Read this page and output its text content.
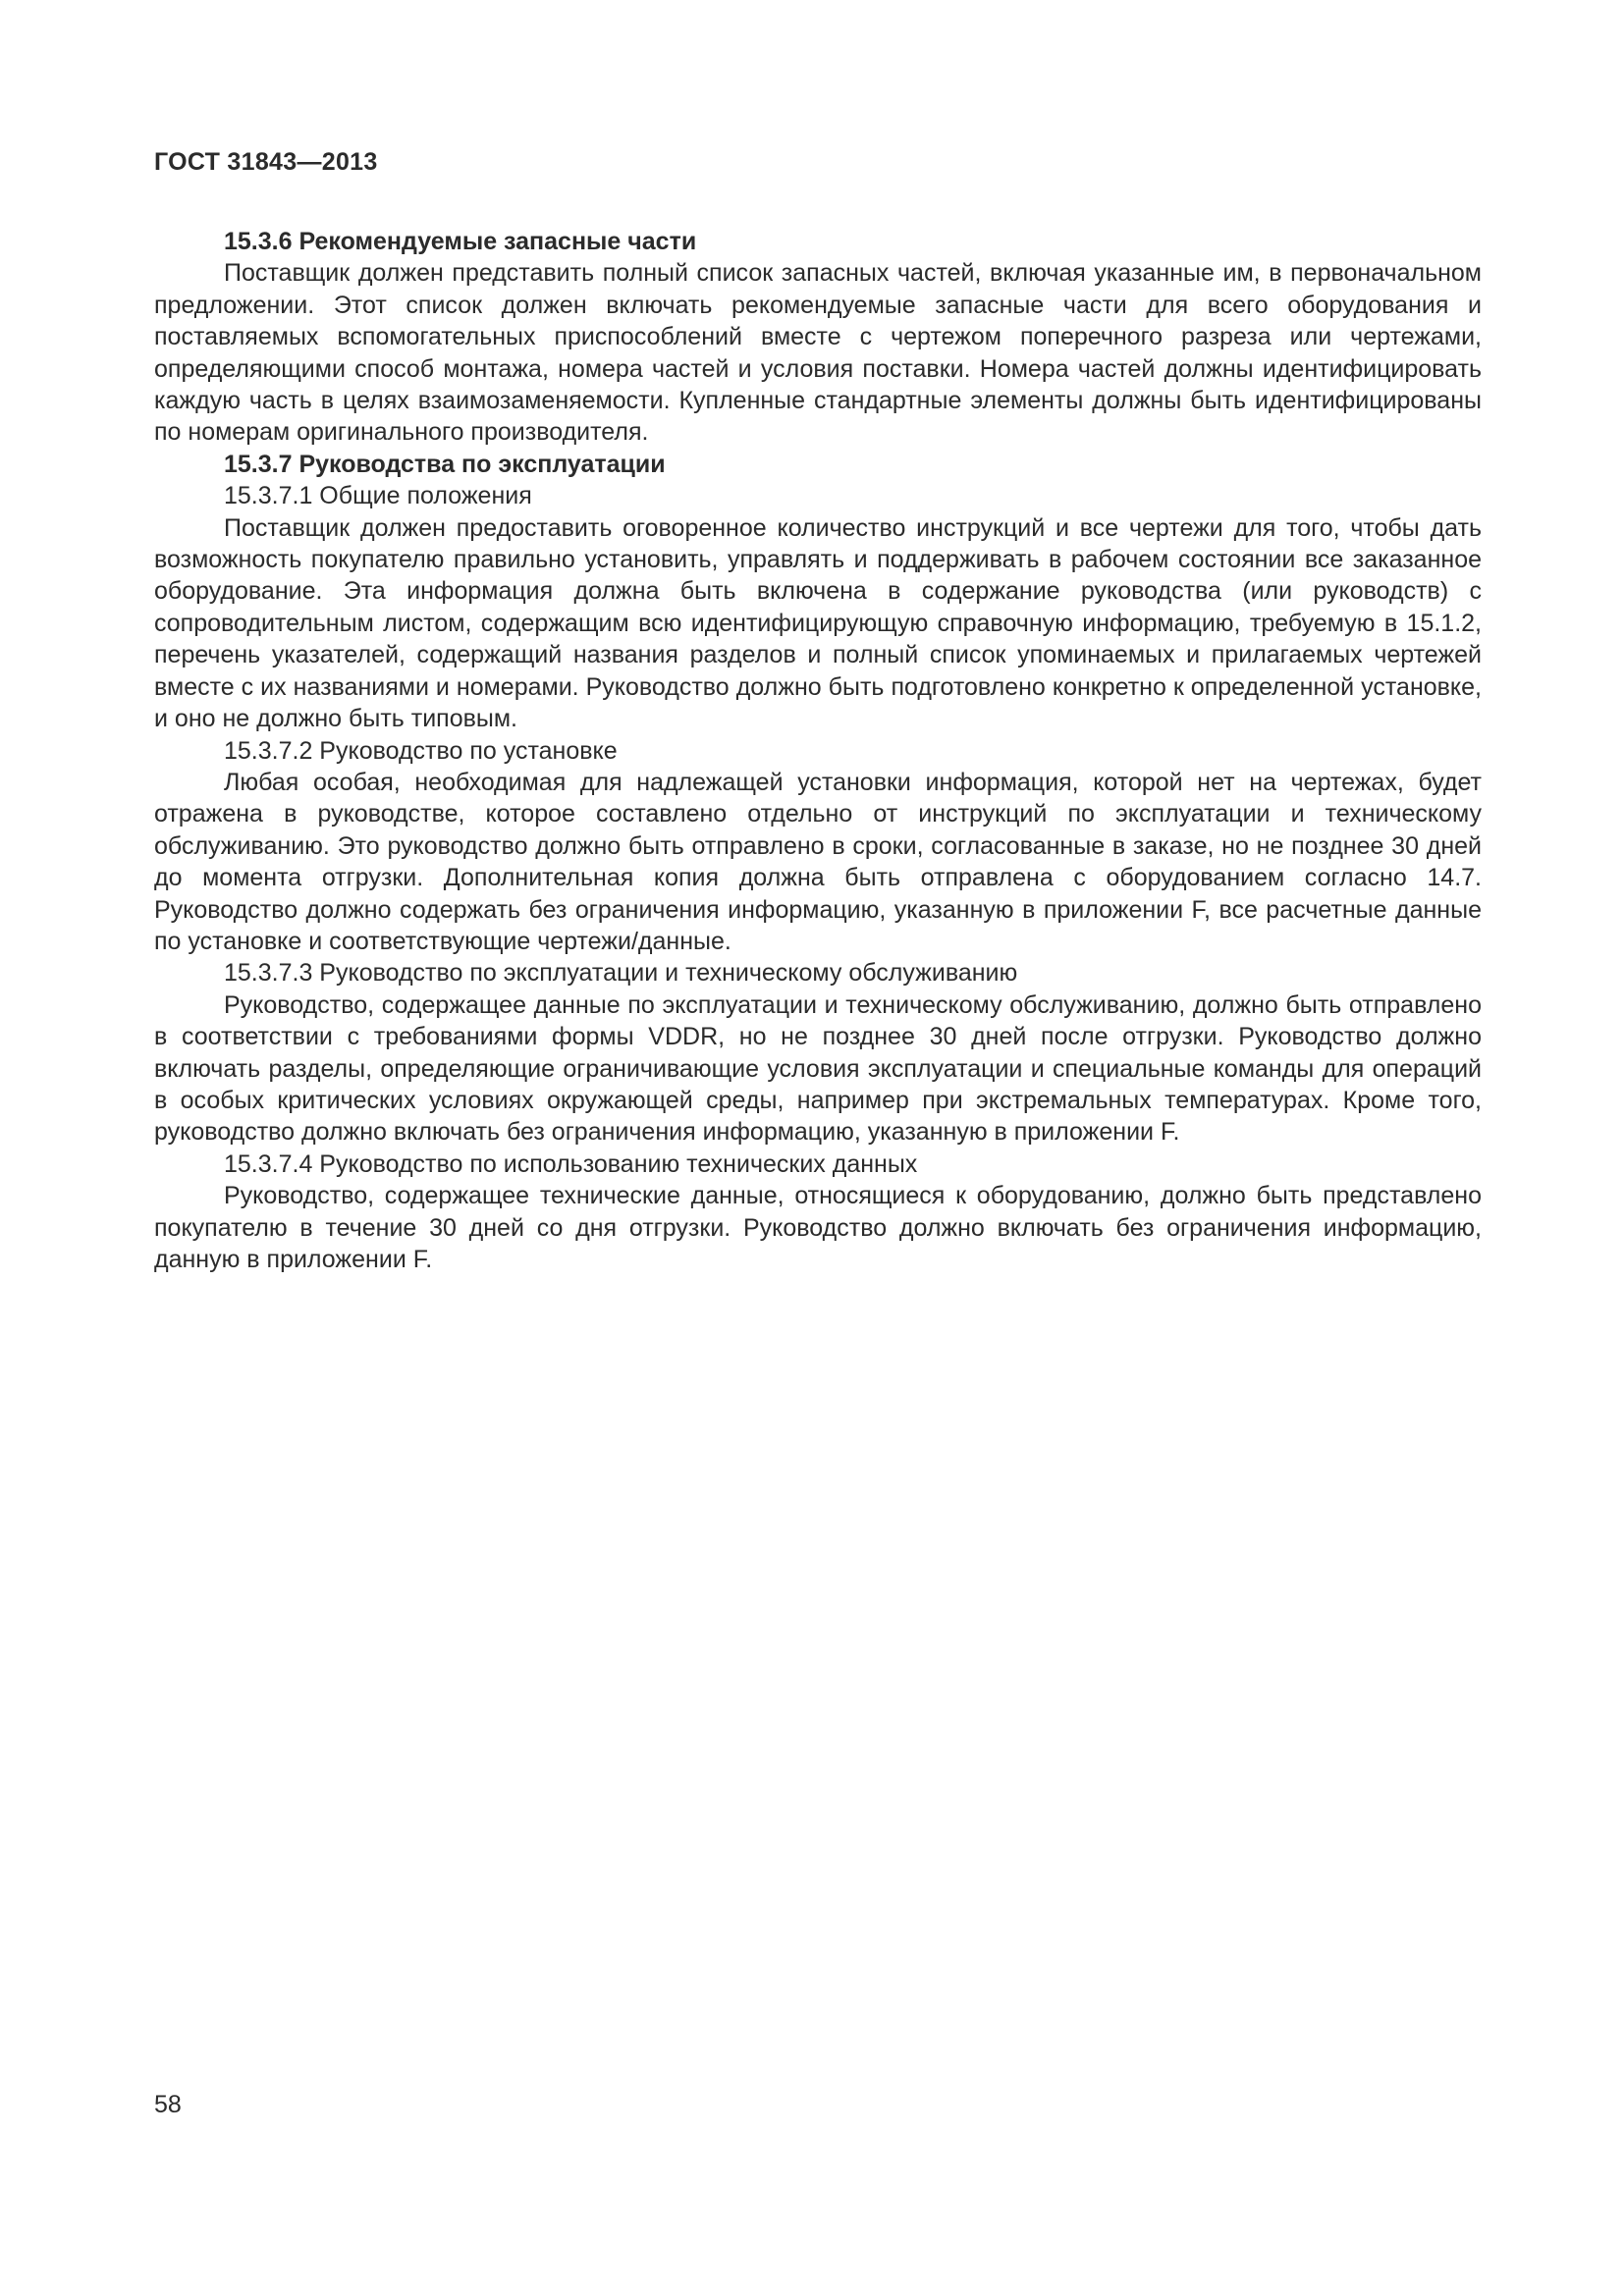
ГОСТ 31843—2013

15.3.6 Рекомендуемые запасные части

Поставщик должен представить полный список запасных частей, включая указанные им, в первоначальном предложении. Этот список должен включать рекомендуемые запасные части для всего оборудования и поставляемых вспомогательных приспособлений вместе с чертежом поперечного разреза или чертежами, определяющими способ монтажа, номера частей и условия поставки. Номера частей должны идентифицировать каждую часть в целях взаимозаменяемости. Купленные стандартные элементы должны быть идентифицированы по номерам оригинального производителя.

15.3.7 Руководства по эксплуатации

15.3.7.1 Общие положения

Поставщик должен предоставить оговоренное количество инструкций и все чертежи для того, чтобы дать возможность покупателю правильно установить, управлять и поддерживать в рабочем состоянии все заказанное оборудование. Эта информация должна быть включена в содержание руководства (или руководств) с сопроводительным листом, содержащим всю идентифицирующую справочную информацию, требуемую в 15.1.2, перечень указателей, содержащий названия разделов и полный список упоминаемых и прилагаемых чертежей вместе с их названиями и номерами. Руководство должно быть подготовлено конкретно к определенной установке, и оно не должно быть типовым.

15.3.7.2 Руководство по установке

Любая особая, необходимая для надлежащей установки информация, которой нет на чертежах, будет отражена в руководстве, которое составлено отдельно от инструкций по эксплуатации и техническому обслуживанию. Это руководство должно быть отправлено в сроки, согласованные в заказе, но не позднее 30 дней до момента отгрузки. Дополнительная копия должна быть отправлена с оборудованием согласно 14.7. Руководство должно содержать без ограничения информацию, указанную в приложении F, все расчетные данные по установке и соответствующие чертежи/данные.

15.3.7.3 Руководство по эксплуатации и техническому обслуживанию

Руководство, содержащее данные по эксплуатации и техническому обслуживанию, должно быть отправлено в соответствии с требованиями формы VDDR, но не позднее 30 дней после отгрузки. Руководство должно включать разделы, определяющие ограничивающие условия эксплуатации и специальные команды для операций в особых критических условиях окружающей среды, например при экстремальных температурах. Кроме того, руководство должно включать без ограничения информацию, указанную в приложении F.

15.3.7.4 Руководство по использованию технических данных

Руководство, содержащее технические данные, относящиеся к оборудованию, должно быть представлено покупателю в течение 30 дней со дня отгрузки. Руководство должно включать без ограничения информацию, данную в приложении F.

58
